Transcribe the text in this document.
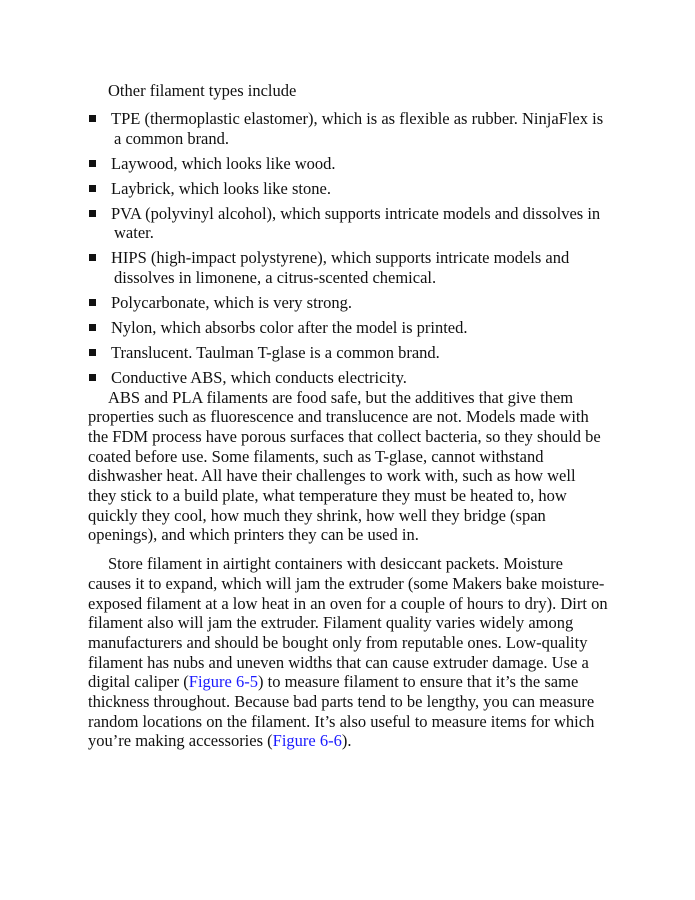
Other filament types include

TPE (thermoplastic elastomer), which is as flexible as rubber. NinjaFlex is a common brand.
Laywood, which looks like wood.
Laybrick, which looks like stone.
PVA (polyvinyl alcohol), which supports intricate models and dissolves in water.
HIPS (high-impact polystyrene), which supports intricate models and dissolves in limonene, a citrus-scented chemical.
Polycarbonate, which is very strong.
Nylon, which absorbs color after the model is printed.
Translucent. Taulman T-glase is a common brand.
Conductive ABS, which conducts electricity.

ABS and PLA filaments are food safe, but the additives that give them properties such as fluorescence and translucence are not. Models made with the FDM process have porous surfaces that collect bacteria, so they should be coated before use. Some filaments, such as T-glase, cannot withstand dishwasher heat. All have their challenges to work with, such as how well they stick to a build plate, what temperature they must be heated to, how quickly they cool, how much they shrink, how well they bridge (span openings), and which printers they can be used in.

Store filament in airtight containers with desiccant packets. Moisture causes it to expand, which will jam the extruder (some Makers bake moisture-exposed filament at a low heat in an oven for a couple of hours to dry). Dirt on filament also will jam the extruder. Filament quality varies widely among manufacturers and should be bought only from reputable ones. Low-quality filament has nubs and uneven widths that can cause extruder damage. Use a digital caliper (Figure 6-5) to measure filament to ensure that it’s the same thickness throughout. Because bad parts tend to be lengthy, you can measure random locations on the filament. It’s also useful to measure items for which you’re making accessories (Figure 6-6).
